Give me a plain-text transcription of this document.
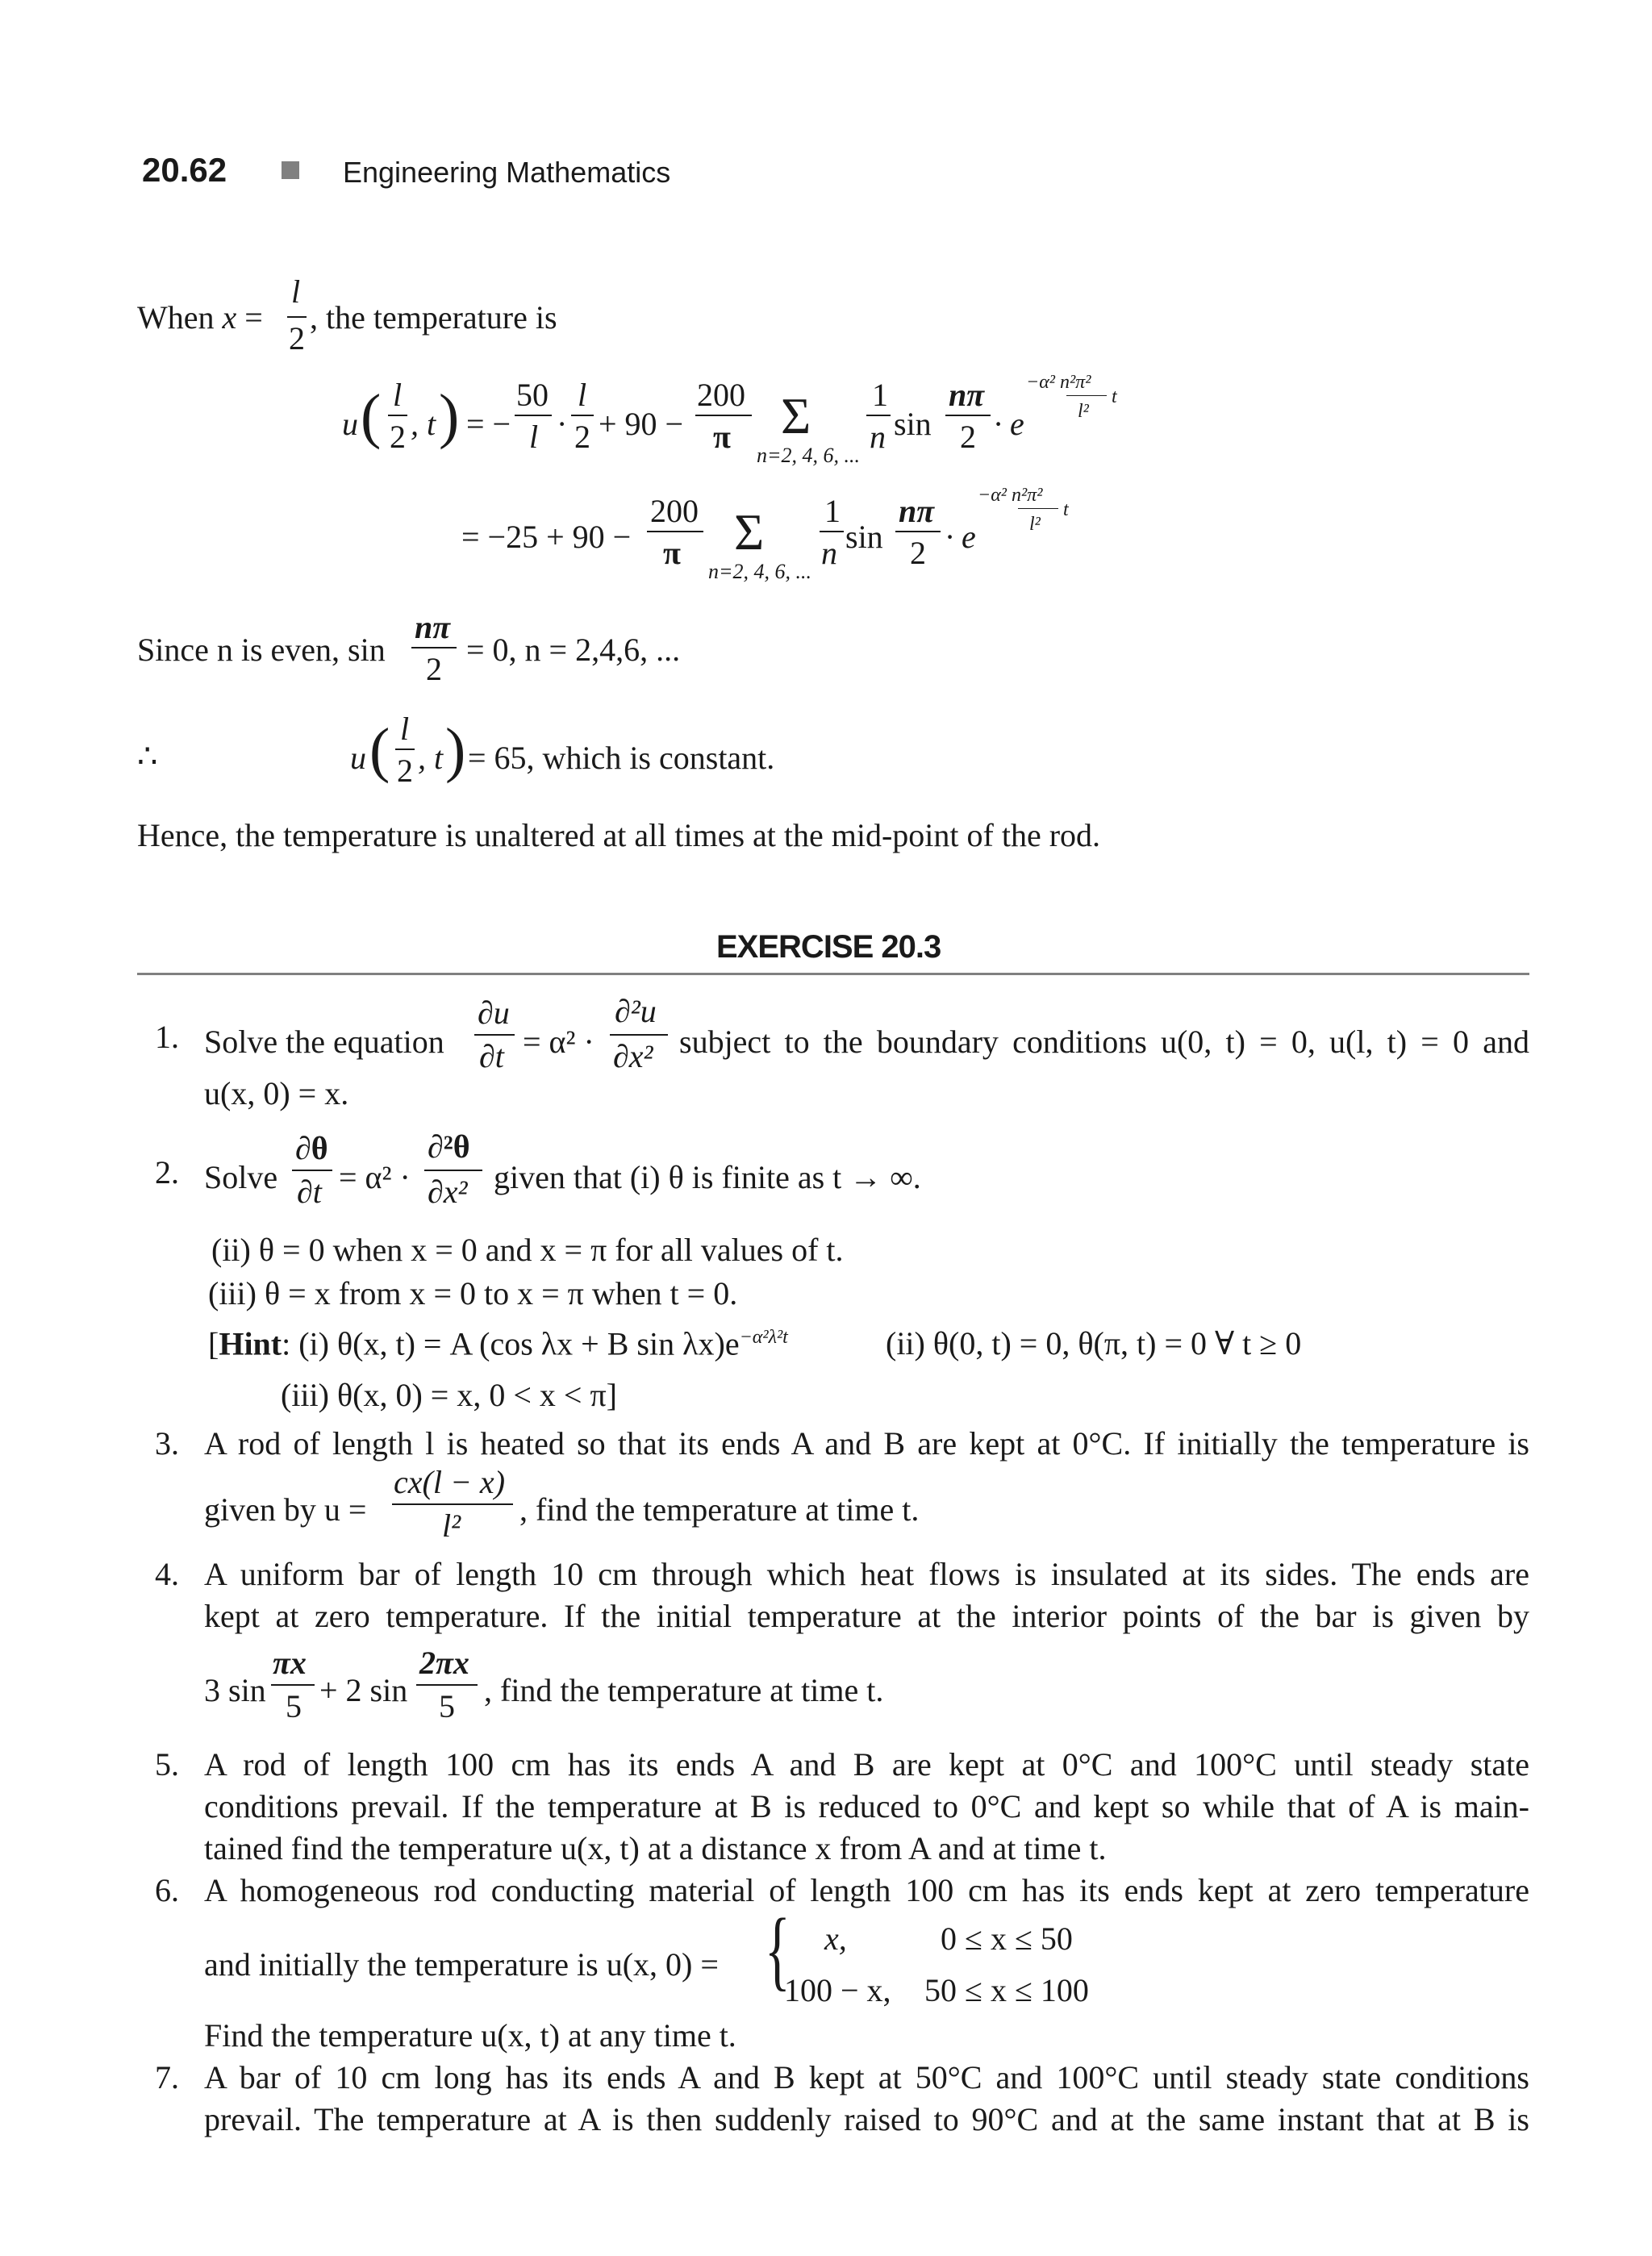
20.62	Engineering Mathematics
When x =
l
2
, the temperature is
u ( l
2 , t ) = −
50
l ·
l
2 + 90 −
200
π Σ
n=2, 4, 6, ...
1
n sin
nπ
2 · e
−α² n²π²
l²
t
= −25 + 90 −
200
π Σ
n=2, 4, 6, ...
1
n sin
nπ
2 · e
−α² n²π²
l²
t
Since n is even, sin
nπ
2
= 0, n = 2,4,6, ...
∴	u ( l
2 , t ) = 65, which is constant.
Hence, the temperature is unaltered at all times at the mid-point of the rod.
EXERCISE 20.3
1. Solve the equation
∂u
∂t = α² ·
∂²u
∂x² subject to the boundary conditions u(0, t) = 0, u(l, t) = 0 and
u(x, 0) = x.
2. Solve
∂θ
∂t = α² ·
∂²θ
∂x² given that (i) θ is finite as t → ∞.
(ii) θ = 0 when x = 0 and x = π for all values of t.
(iii) θ = x from x = 0 to x = π when t = 0.
[Hint: (i) θ(x, t) = A (cos λx + B $\sin \lambda x)e^{-\alpha^2\lambda^2t}$	(ii) θ(0, t) = 0, θ(π, t) = 0 ∀ t ≥ 0
(iii) θ(x, 0) = x, 0 < x < π]
3. A rod of length l is heated so that its ends A and B are kept at 0°C. If initially the temperature is
given by u =
cx(l − x)
l² , find the temperature at time t.
4. A uniform bar of length 10 cm through which heat flows is insulated at its sides. The ends are
kept at zero temperature. If the initial temperature at the interior points of the bar is given by
3 sin
πx
5 + 2 sin
2πx
5 , find the temperature at time t.
5. A rod of length 100 cm has its ends A and B are kept at 0°C and 100°C until steady state
conditions prevail. If the temperature at B is reduced to 0°C and kept so while that of A is main-
tained find the temperature u(x, t) at a distance x from A and at time t.
6. A homogeneous rod conducting material of length 100 cm has its ends kept at zero temperature
and initially the temperature is u(x, 0) = { x,	0 ≤ x ≤ 50
100 − x, 50 ≤ x ≤ 100
Find the temperature u(x, t) at any time t.
7. A bar of 10 cm long has its ends A and B kept at 50°C and 100°C until steady state conditions
prevail. The temperature at A is then suddenly raised to 90°C and at the same instant that at B is
